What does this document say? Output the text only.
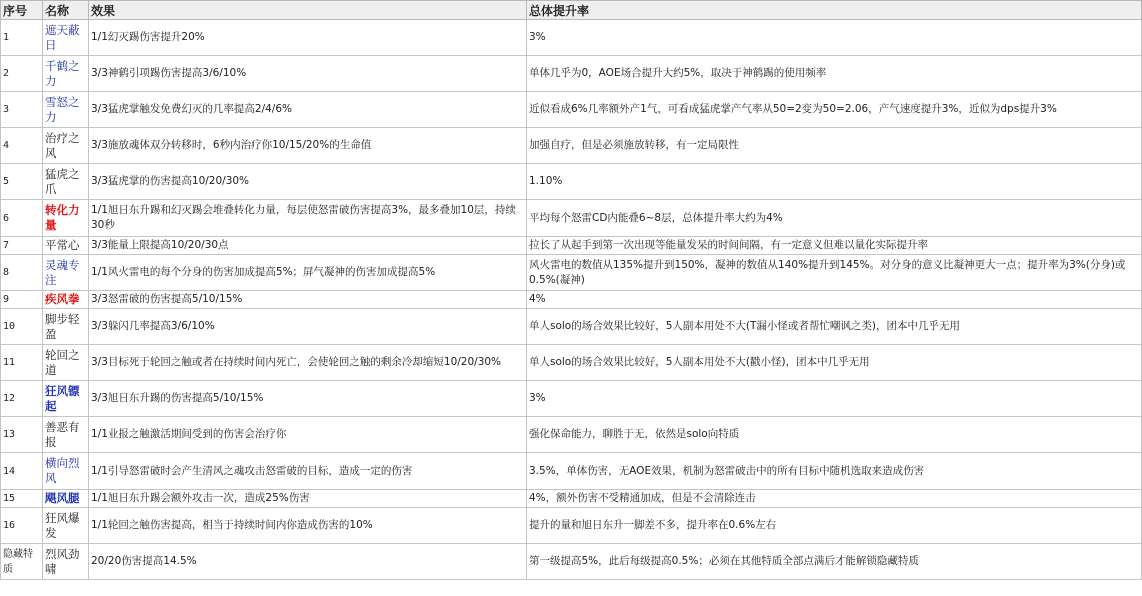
序号	名称	效果	总体提升率
1	遮天蔽日	1/1幻灭踢伤害提升20%	3%
2	千鹤之力	3/3神鹤引项踢伤害提高3/6/10%	单体几乎为0，AOE场合提升大约5%，取决于神鹤踢的使用频率
3	雪怒之力	3/3猛虎掌触发免费幻灭的几率提高2/4/6%	近似看成6%几率额外产1气，可看成猛虎掌产气率从50=2变为50=2.06，产气速度提升3%，近似为dps提升3%
4	治疗之风	3/3施放魂体双分转移时，6秒内治疗你10/15/20%的生命值	加强自疗，但是必须施放转移，有一定局限性
5	猛虎之爪	3/3猛虎掌的伤害提高10/20/30%	1.10%
6	转化力量	1/1旭日东升踢和幻灭踢会堆叠转化力量，每层使怒雷破伤害提高3%，最多叠加10层，持续30秒	平均每个怒雷CD内能叠6~8层，总体提升率大约为4%
7	平常心	3/3能量上限提高10/20/30点	拉长了从起手到第一次出现等能量发呆的时间间隔，有一定意义但难以量化实际提升率
8	灵魂专注	1/1风火雷电的每个分身的伤害加成提高5%；屏气凝神的伤害加成提高5%	风火雷电的数值从135%提升到150%，凝神的数值从140%提升到145%。对分身的意义比凝神更大一点；提升率为3%(分身)或0.5%(凝神)
9	疾风拳	3/3怒雷破的伤害提高5/10/15%	4%
10	脚步轻盈	3/3躲闪几率提高3/6/10%	单人solo的场合效果比较好，5人副本用处不大(T漏小怪或者帮忙嘲讽之类)，团本中几乎无用
11	轮回之道	3/3目标死于轮回之触或者在持续时间内死亡，会使轮回之触的剩余冷却缩短10/20/30%	单人solo的场合效果比较好，5人副本用处不大(戳小怪)，团本中几乎无用
12	狂风镖起	3/3旭日东升踢的伤害提高5/10/15%	3%
13	善恶有报	1/1业报之触激活期间受到的伤害会治疗你	强化保命能力，聊胜于无，依然是solo向特质
14	横向烈风	1/1引导怒雷破时会产生清风之魂攻击怒雷破的目标，造成一定的伤害	3.5%，单体伤害，无AOE效果，机制为怒雷破击中的所有目标中随机选取来造成伤害
15	飓风腿	1/1旭日东升踢会额外攻击一次，造成25%伤害	4%，额外伤害不受精通加成，但是不会清除连击
16	狂风爆发	1/1轮回之触伤害提高，相当于持续时间内你造成伤害的10%	提升的量和旭日东升一脚差不多，提升率在0.6%左右
隐藏特质	烈风劲啸	20/20伤害提高14.5%	第一级提高5%，此后每级提高0.5%；必须在其他特质全部点满后才能解锁隐藏特质
